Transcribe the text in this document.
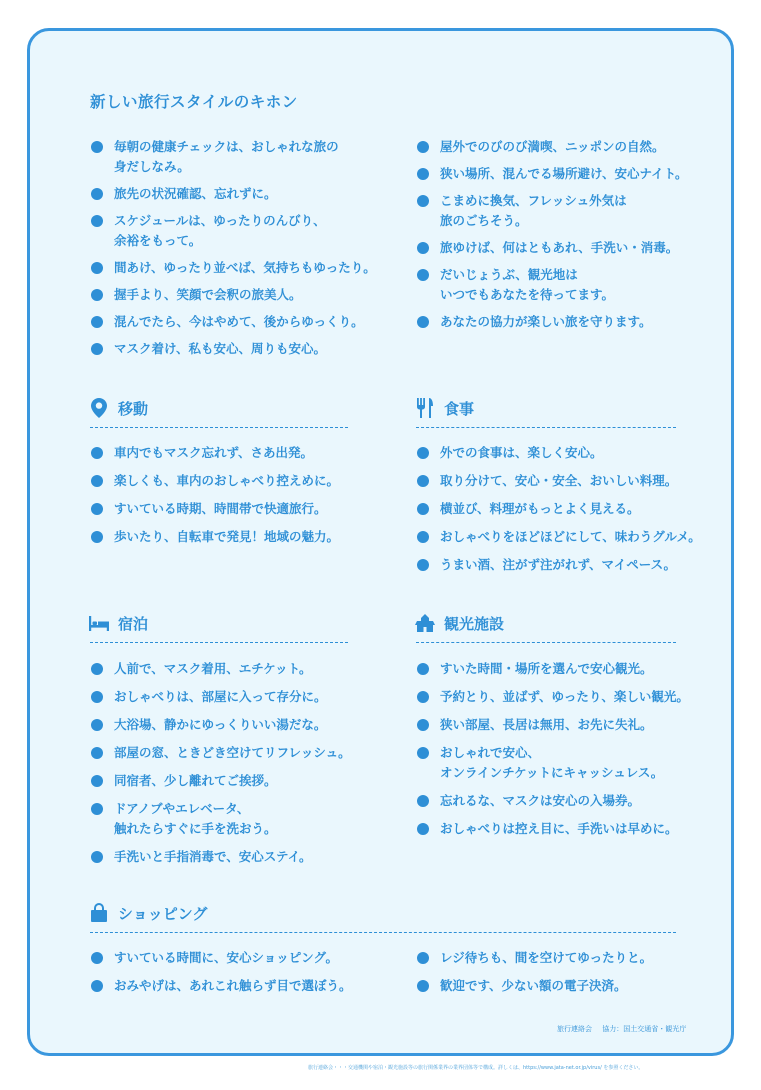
新しい旅行スタイルのキホン
毎朝の健康チェックは、おしゃれな旅の
身だしなみ。
旅先の状況確認、忘れずに。
スケジュールは、ゆったりのんびり、
余裕をもって。
間あけ、ゆったり並べば、気持ちもゆったり。
握手より、笑顔で会釈の旅美人。
混んでたら、今はやめて、後からゆっくり。
マスク着け、私も安心、周りも安心。
屋外でのびのび満喫、ニッポンの自然。
狭い場所、混んでる場所避け、安心ナイト。
こまめに換気、フレッシュ外気は
旅のごちそう。
旅ゆけば、何はともあれ、手洗い・消毒。
だいじょうぶ、観光地は
いつでもあなたを待ってます。
あなたの協力が楽しい旅を守ります。
移動
車内でもマスク忘れず、さあ出発。
楽しくも、車内のおしゃべり控えめに。
すいている時期、時間帯で快適旅行。
歩いたり、自転車で発見！地域の魅力。
食事
外での食事は、楽しく安心。
取り分けて、安心・安全、おいしい料理。
横並び、料理がもっとよく見える。
おしゃべりをほどほどにして、味わうグルメ。
うまい酒、注がず注がれず、マイペース。
宿泊
人前で、マスク着用、エチケット。
おしゃべりは、部屋に入って存分に。
大浴場、静かにゆっくりいい湯だな。
部屋の窓、ときどき空けてリフレッシュ。
同宿者、少し離れてご挨拶。
ドアノブやエレベータ、
触れたらすぐに手を洗おう。
手洗いと手指消毒で、安心ステイ。
観光施設
すいた時間・場所を選んで安心観光。
予約とり、並ばず、ゆったり、楽しい観光。
狭い部屋、長居は無用、お先に失礼。
おしゃれで安心、
オンラインチケットにキャッシュレス。
忘れるな、マスクは安心の入場券。
おしゃべりは控え目に、手洗いは早めに。
ショッピング
すいている時間に、安心ショッピング。
おみやげは、あれこれ触らず目で選ぼう。
レジ待ちも、間を空けてゆったりと。
歓迎です、少ない額の電子決済。
旅行連絡会 協力：国土交通省・観光庁
旅行連絡会・・・交通機関や宿泊・観光施設等の旅行関係業界の業界団体等で構成。詳しくは、https://www.jata-net.or.jp/virus/ を参照ください。
